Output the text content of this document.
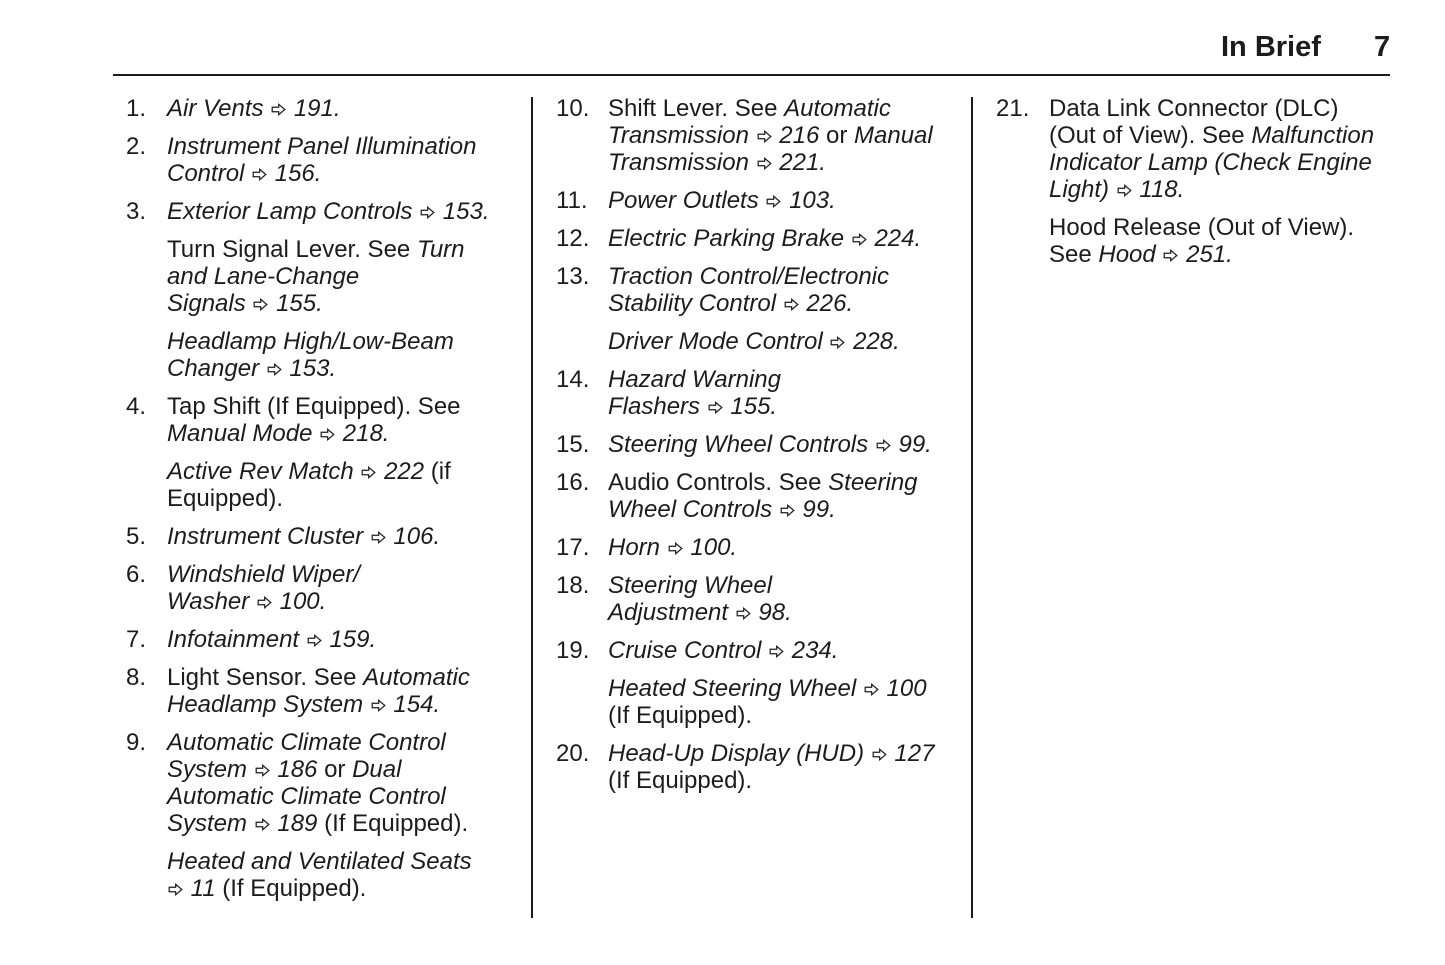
In Brief 7
1. Air Vents 191.
2. Instrument Panel Illumination
Control 156.
3. Exterior Lamp Controls 153.
Turn Signal Lever. See Turn
and Lane-Change
Signals 155.
Headlamp High/Low-Beam
Changer 153.
4. Tap Shift (If Equipped). See
Manual Mode 218.
Active Rev Match 222 (if
Equipped).
5. Instrument Cluster 106.
6. Windshield Wiper/
Washer 100.
7. Infotainment 159.
8. Light Sensor. See Automatic
Headlamp System 154.
9. Automatic Climate Control
System 186 or Dual
Automatic Climate Control
System 189 (If Equipped).
Heated and Ventilated Seats
11 (If Equipped).
10. Shift Lever. See Automatic
Transmission 216 or Manual
Transmission 221.
11. Power Outlets 103.
12. Electric Parking Brake 224.
13. Traction Control/Electronic
Stability Control 226.
Driver Mode Control 228.
14. Hazard Warning
Flashers 155.
15. Steering Wheel Controls 99.
16. Audio Controls. See Steering
Wheel Controls 99.
17. Horn 100.
18. Steering Wheel
Adjustment 98.
19. Cruise Control 234.
Heated Steering Wheel 100
(If Equipped).
20. Head-Up Display (HUD) 127
(If Equipped).
21. Data Link Connector (DLC)
(Out of View). See Malfunction
Indicator Lamp (Check Engine
Light) 118.
Hood Release (Out of View).
See Hood 251.
